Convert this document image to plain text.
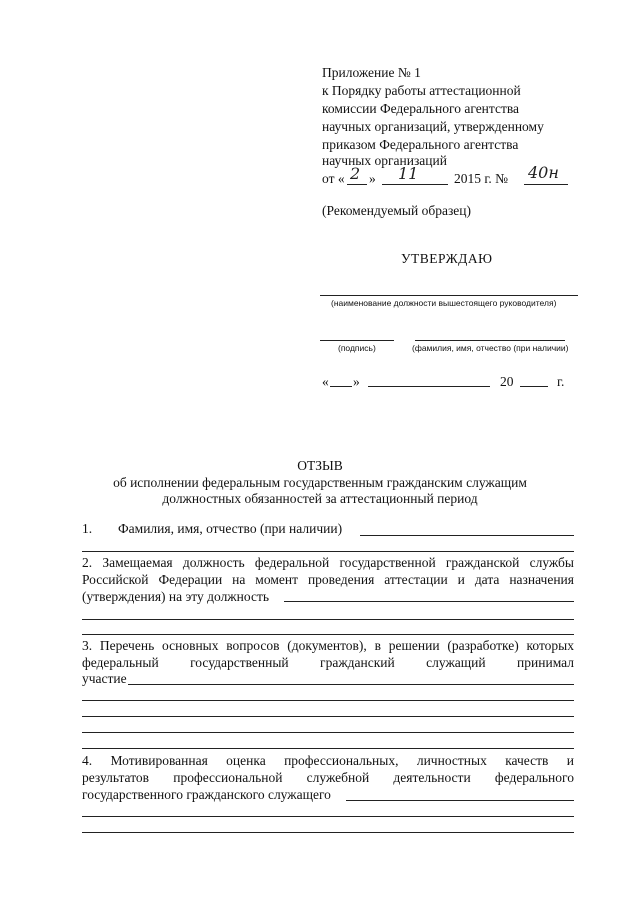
Приложение № 1
к Порядку работы аттестационной
комиссии Федерального агентства
научных организаций, утвержденному
приказом Федерального агентства
научных организаций
от « 2 » 11	2015 г. № 40н
(Рекомендуемый образец)
УТВЕРЖДАЮ
(наименование должности вышестоящего руководителя)
(подпись)	(фамилия, имя, отчество (при наличии)
« »	20	г.
ОТЗЫВ
об исполнении федеральным государственным гражданским служащим
должностных обязанностей за аттестационный период
1. Фамилия, имя, отчество (при наличии)
2. Замещаемая должность федеральной государственной гражданской службы
Российской Федерации на момент проведения аттестации и дата назначения
(утверждения) на эту должность
3. Перечень основных вопросов (документов), в решении (разработке) которых
федеральный государственный гражданский служащий принимал
участие
4. Мотивированная оценка профессиональных, личностных качеств и
результатов профессиональной служебной деятельности федерального
государственного гражданского служащего
